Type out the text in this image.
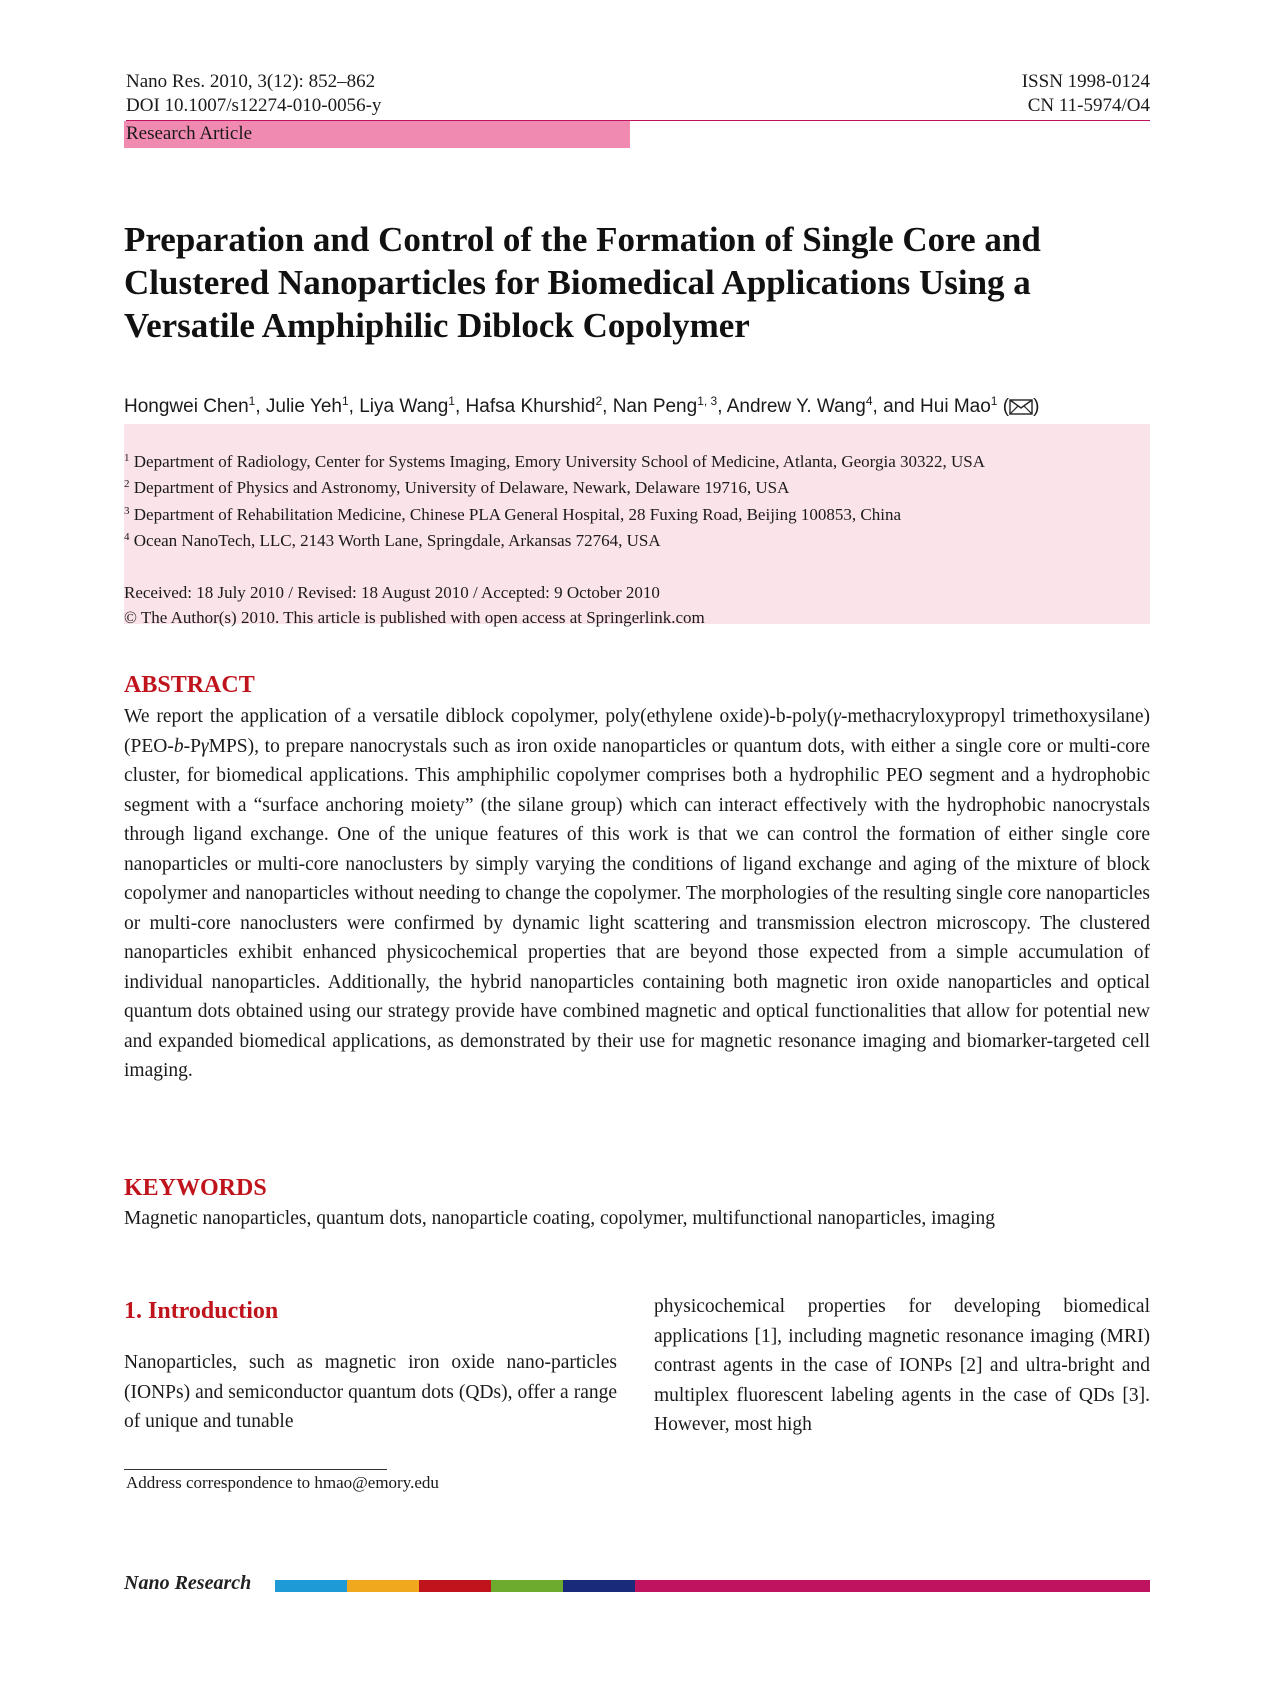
Nano Res. 2010, 3(12): 852–862
DOI 10.1007/s12274-010-0056-y
ISSN 1998-0124
CN 11-5974/O4
Research Article
Preparation and Control of the Formation of Single Core and Clustered Nanoparticles for Biomedical Applications Using a Versatile Amphiphilic Diblock Copolymer
Hongwei Chen$^1$, Julie Yeh$^1$, Liya Wang$^1$, Hafsa Khurshid$^2$, Nan Peng$^{1, 3}$, Andrew Y. Wang$^4$, and Hui Mao$^1$ ( )
$^1$ Department of Radiology, Center for Systems Imaging, Emory University School of Medicine, Atlanta, Georgia 30322, USA
$^2$ Department of Physics and Astronomy, University of Delaware, Newark, Delaware 19716, USA
$^3$ Department of Rehabilitation Medicine, Chinese PLA General Hospital, 28 Fuxing Road, Beijing 100853, China
$^4$ Ocean NanoTech, LLC, 2143 Worth Lane, Springdale, Arkansas 72764, USA
Received: 18 July 2010 / Revised: 18 August 2010 / Accepted: 9 October 2010
© The Author(s) 2010. This article is published with open access at Springerlink.com
ABSTRACT
We report the application of a versatile diblock copolymer, poly(ethylene oxide)-b-poly(γ-methacryloxypropyl trimethoxysilane) (PEO-b-PγMPS), to prepare nanocrystals such as iron oxide nanoparticles or quantum dots, with either a single core or multi-core cluster, for biomedical applications. This amphiphilic copolymer comprises both a hydrophilic PEO segment and a hydrophobic segment with a “surface anchoring moiety” (the silane group) which can interact effectively with the hydrophobic nanocrystals through ligand exchange. One of the unique features of this work is that we can control the formation of either single core nanoparticles or multi-core nanoclusters by simply varying the conditions of ligand exchange and aging of the mixture of block copolymer and nanoparticles without needing to change the copolymer. The morphologies of the resulting single core nanoparticles or multi-core nanoclusters were confirmed by dynamic light scattering and transmission electron microscopy. The clustered nanoparticles exhibit enhanced physicochemical properties that are beyond those expected from a simple accumulation of individual nanoparticles. Additionally, the hybrid nanoparticles containing both magnetic iron oxide nanoparticles and optical quantum dots obtained using our strategy provide have combined magnetic and optical functionalities that allow for potential new and expanded biomedical applications, as demonstrated by their use for magnetic resonance imaging and biomarker-targeted cell imaging.
KEYWORDS
Magnetic nanoparticles, quantum dots, nanoparticle coating, copolymer, multifunctional nanoparticles, imaging
1. Introduction
Nanoparticles, such as magnetic iron oxide nano-particles (IONPs) and semiconductor quantum dots (QDs), offer a range of unique and tunable
physicochemical properties for developing biomedical applications [1], including magnetic resonance imaging (MRI) contrast agents in the case of IONPs [2] and ultra-bright and multiplex fluorescent labeling agents in the case of QDs [3]. However, most high
Address correspondence to hmao@emory.edu
Nano Research
